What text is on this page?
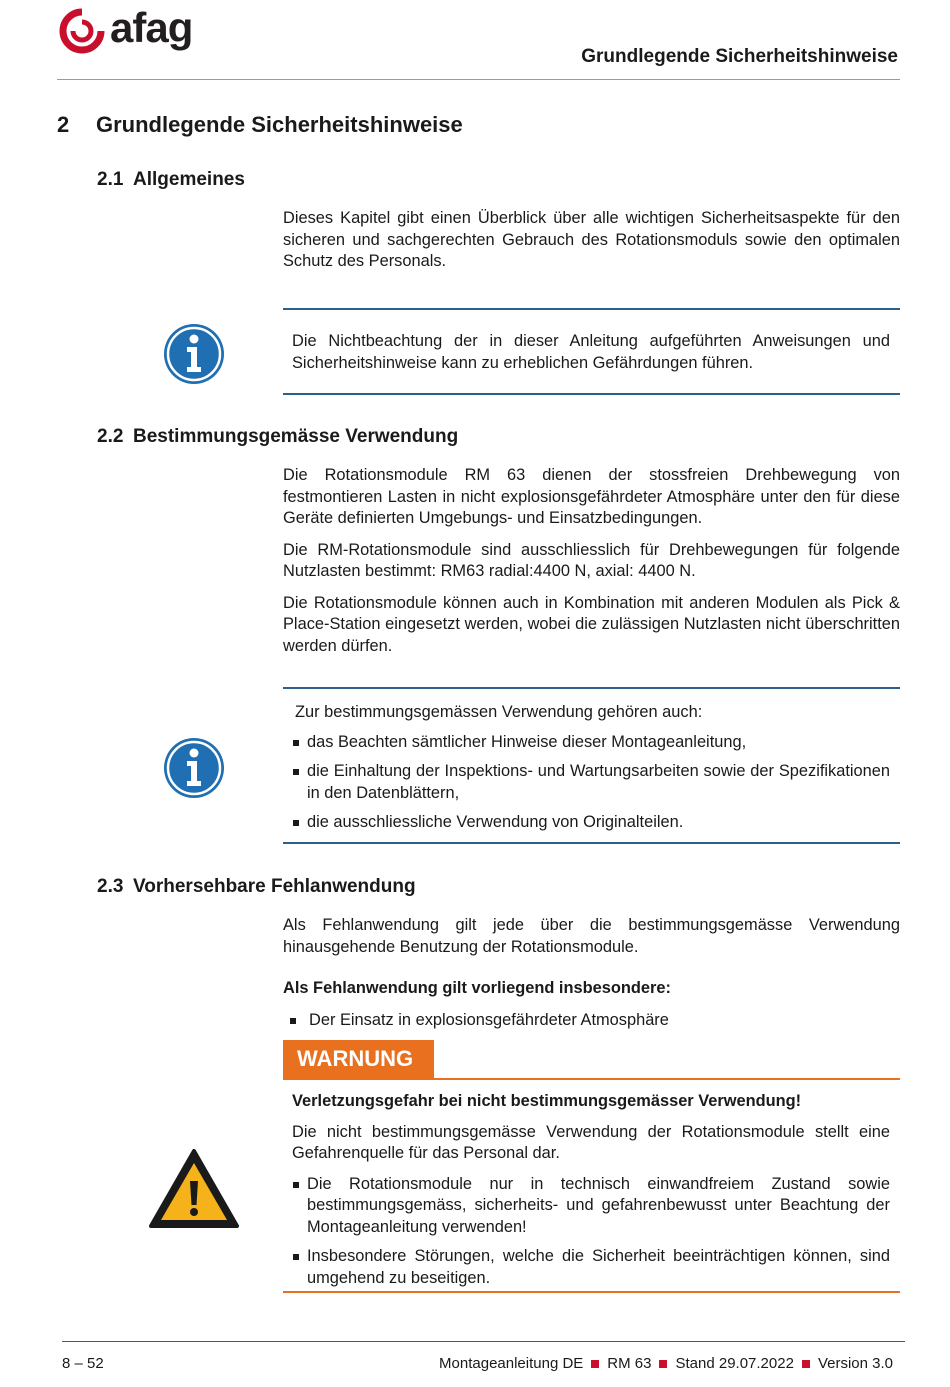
afag
Grundlegende Sicherheitshinweise
2 Grundlegende Sicherheitshinweise
2.1 Allgemeines

Dieses Kapitel gibt einen Überblick über alle wichtigen Sicherheitsaspekte für den sicheren und sachgerechten Gebrauch des Rotationsmoduls sowie den optimalen Schutz des Personals.

Die Nichtbeachtung der in dieser Anleitung aufgeführten Anweisungen und Sicherheitshinweise kann zu erheblichen Gefährdungen führen.
2.2 Bestimmungsgemässe Verwendung

Die Rotationsmodule RM 63 dienen der stossfreien Drehbewegung von festmontieren Lasten in nicht explosionsgefährdeter Atmosphäre unter den für diese Geräte definierten Umgebungs- und Einsatzbedingungen.

Die RM-Rotationsmodule sind ausschliesslich für Drehbewegungen für folgende Nutzlasten bestimmt: RM63 radial:4400 N, axial: 4400 N.

Die Rotationsmodule können auch in Kombination mit anderen Modulen als Pick & Place-Station eingesetzt werden, wobei die zulässigen Nutzlasten nicht überschritten werden dürfen.

Zur bestimmungsgemässen Verwendung gehören auch:
das Beachten sämtlicher Hinweise dieser Montageanleitung,
die Einhaltung der Inspektions- und Wartungsarbeiten sowie der Spezifikationen in den Datenblättern,
die ausschliessliche Verwendung von Originalteilen.
2.3 Vorhersehbare Fehlanwendung

Als Fehlanwendung gilt jede über die bestimmungsgemässe Verwendung hinausgehende Benutzung der Rotationsmodule.

Als Fehlanwendung gilt vorliegend insbesondere:

Der Einsatz in explosionsgefährdeter Atmosphäre
WARNUNG
Verletzungsgefahr bei nicht bestimmungsgemässer Verwendung!
Die nicht bestimmungsgemässe Verwendung der Rotationsmodule stellt eine Gefahrenquelle für das Personal dar.
Die Rotationsmodule nur in technisch einwandfreiem Zustand sowie bestimmungsgemäss, sicherheits- und gefahrenbewusst unter Beachtung der Montageanleitung verwenden!
Insbesondere Störungen, welche die Sicherheit beeinträchtigen können, sind umgehend zu beseitigen.
8 – 52	Montageanleitung DE RM 63 Stand 29.07.2022 Version 3.0
